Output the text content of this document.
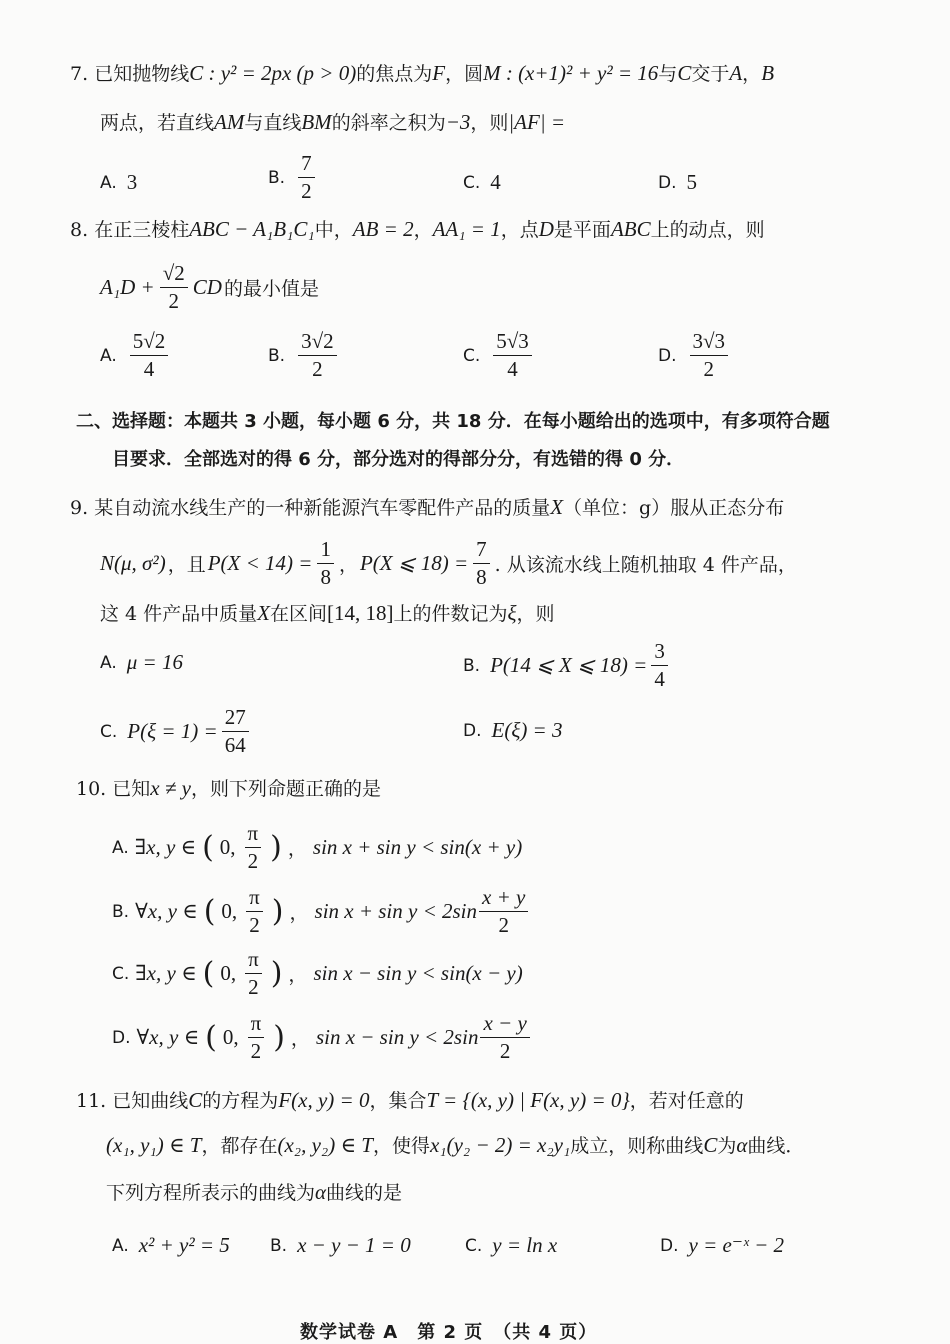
7. 已知抛物线C : y² = 2px (p > 0)的焦点为F，圆M : (x+1)² + y² = 16与C交于A，B
两点，若直线AM与直线BM的斜率之积为−3，则|AF| =
A. 3	B. $\frac{7}{2}$	C. 4	D. 5
8. 在正三棱柱ABC − A₁B₁C₁中，AB = 2，AA₁ = 1，点D是平面ABC上的动点，则
$A_1D + \frac{√2}{2}$ CD 的最小值是
A. $\frac{5√2}{4}$	B. $\frac{3√2}{2}$	C. $\frac{5√3}{4}$	D. $\frac{3√3}{2}$
二、选择题：本题共 3 小题，每小题 6 分，共 18 分．在每小题给出的选项中，有多项符合题
目要求．全部选对的得 6 分，部分选对的得部分分，有选错的得 0 分．
9. 某自动流水线生产的一种新能源汽车零配件产品的质量X（单位：g）服从正态分布
N(μ, σ²) ，且 $P(X < 14) = \frac{1}{8}$ ， P(X ⩽ $18) = \frac{7}{8}$ . 从该流水线上随机抽取 4 件产品，
这 4 件产品中质量X在区间[14, 18]上的件数记为ξ，则
A. μ = 16	B. P(14 ⩽ X ⩽ $18) = \frac{3}{4}$
C. $P(\xi = 1) = \frac{27}{64}$	D. E(ξ) = 3
10. 已知x ≠ y，则下列命题正确的是
A. ∃x, y ∈ ( 0, $\frac{\pi}{2}$ ) ， sin x + sin y < sin(x + y)
B. ∀x, y ∈ ( 0, $\frac{\pi}{2}$ ) ， $\sin x + \sin y < 2\sin \frac{x + y}{2}$
C. ∃x, y ∈ ( 0, $\frac{\pi}{2}$ ) ， sin x − sin y < sin(x − y)
D. ∀x, y ∈ ( 0, $\frac{\pi}{2}$ ) ， $\sin x - \sin y < 2\sin \frac{x - y}{2}$
11. 已知曲线C的方程为F(x, y) = 0，集合T = {(x, y) | F(x, y) = 0}，若对任意的
(x₁, y₁) ∈ T，都存在(x₂, y₂) ∈ T，使得x₁(y₂ − 2) = x₂y₁成立，则称曲线C为α曲线．
下列方程所表示的曲线为α曲线的是
A. x² + y² = 5 B. x − y − 1 = 0	C. y = ln x	D. y = e⁻ˣ − 2
数学试卷 A　第 2 页　（共 4 页）
